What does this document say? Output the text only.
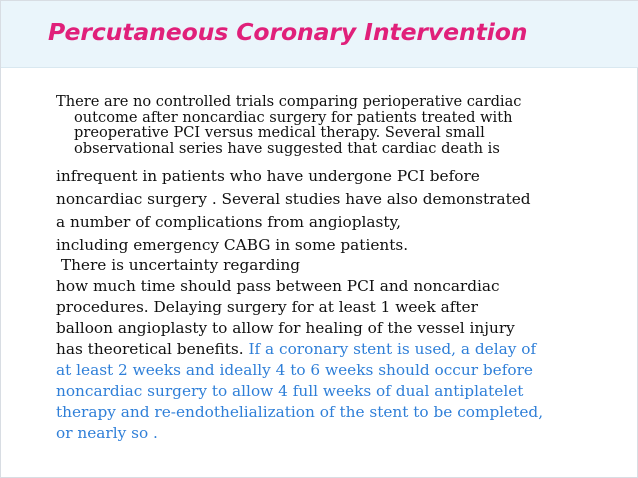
Percutaneous Coronary Intervention

There are no controlled trials comparing perioperative cardiac outcome after noncardiac surgery for patients treated with preoperative PCI versus medical therapy. Several small observational series have suggested that cardiac death is

infrequent in patients who have undergone PCI before

noncardiac surgery . Several studies have also demonstrated

a number of complications from angioplasty,

including emergency CABG in some patients.

There is uncertainty regarding

how much time should pass between PCI and noncardiac

procedures. Delaying surgery for at least 1 week after

balloon angioplasty to allow for healing of the vessel injury

has theoretical benefits. If a coronary stent is used, a delay of

at least 2 weeks and ideally 4 to 6 weeks should occur before

noncardiac surgery to allow 4 full weeks of dual antiplatelet

therapy and re-endothelialization of the stent to be completed,

or nearly so .
